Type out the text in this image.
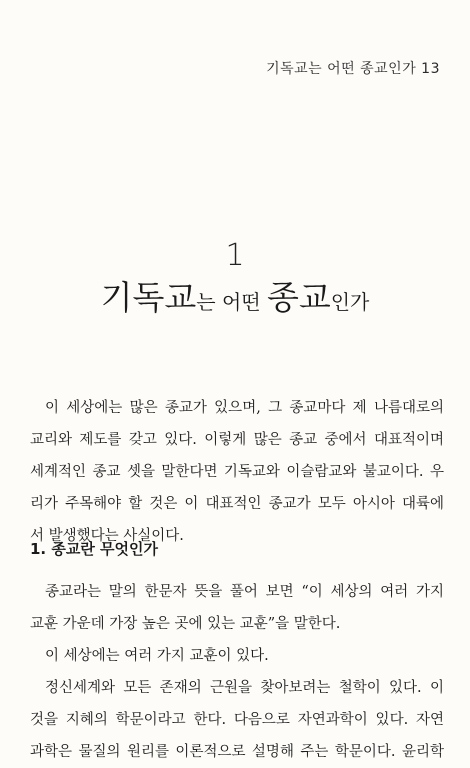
기독교는 어떤 종교인가 13
1
기독교는 어떤 종교인가
이 세상에는 많은 종교가 있으며, 그 종교마다 제 나름대로의
교리와 제도를 갖고 있다. 이렇게 많은 종교 중에서 대표적이며
세계적인 종교 셋을 말한다면 기독교와 이슬람교와 불교이다. 우
리가 주목해야 할 것은 이 대표적인 종교가 모두 아시아 대륙에
서 발생했다는 사실이다.
1. 종교란 무엇인가
종교라는 말의 한문자 뜻을 풀어 보면 “이 세상의 여러 가지
교훈 가운데 가장 높은 곳에 있는 교훈”을 말한다.
이 세상에는 여러 가지 교훈이 있다.
정신세계와 모든 존재의 근원을 찾아보려는 철학이 있다. 이
것을 지혜의 학문이라고 한다. 다음으로 자연과학이 있다. 자연
과학은 물질의 원리를 이론적으로 설명해 주는 학문이다. 윤리학
